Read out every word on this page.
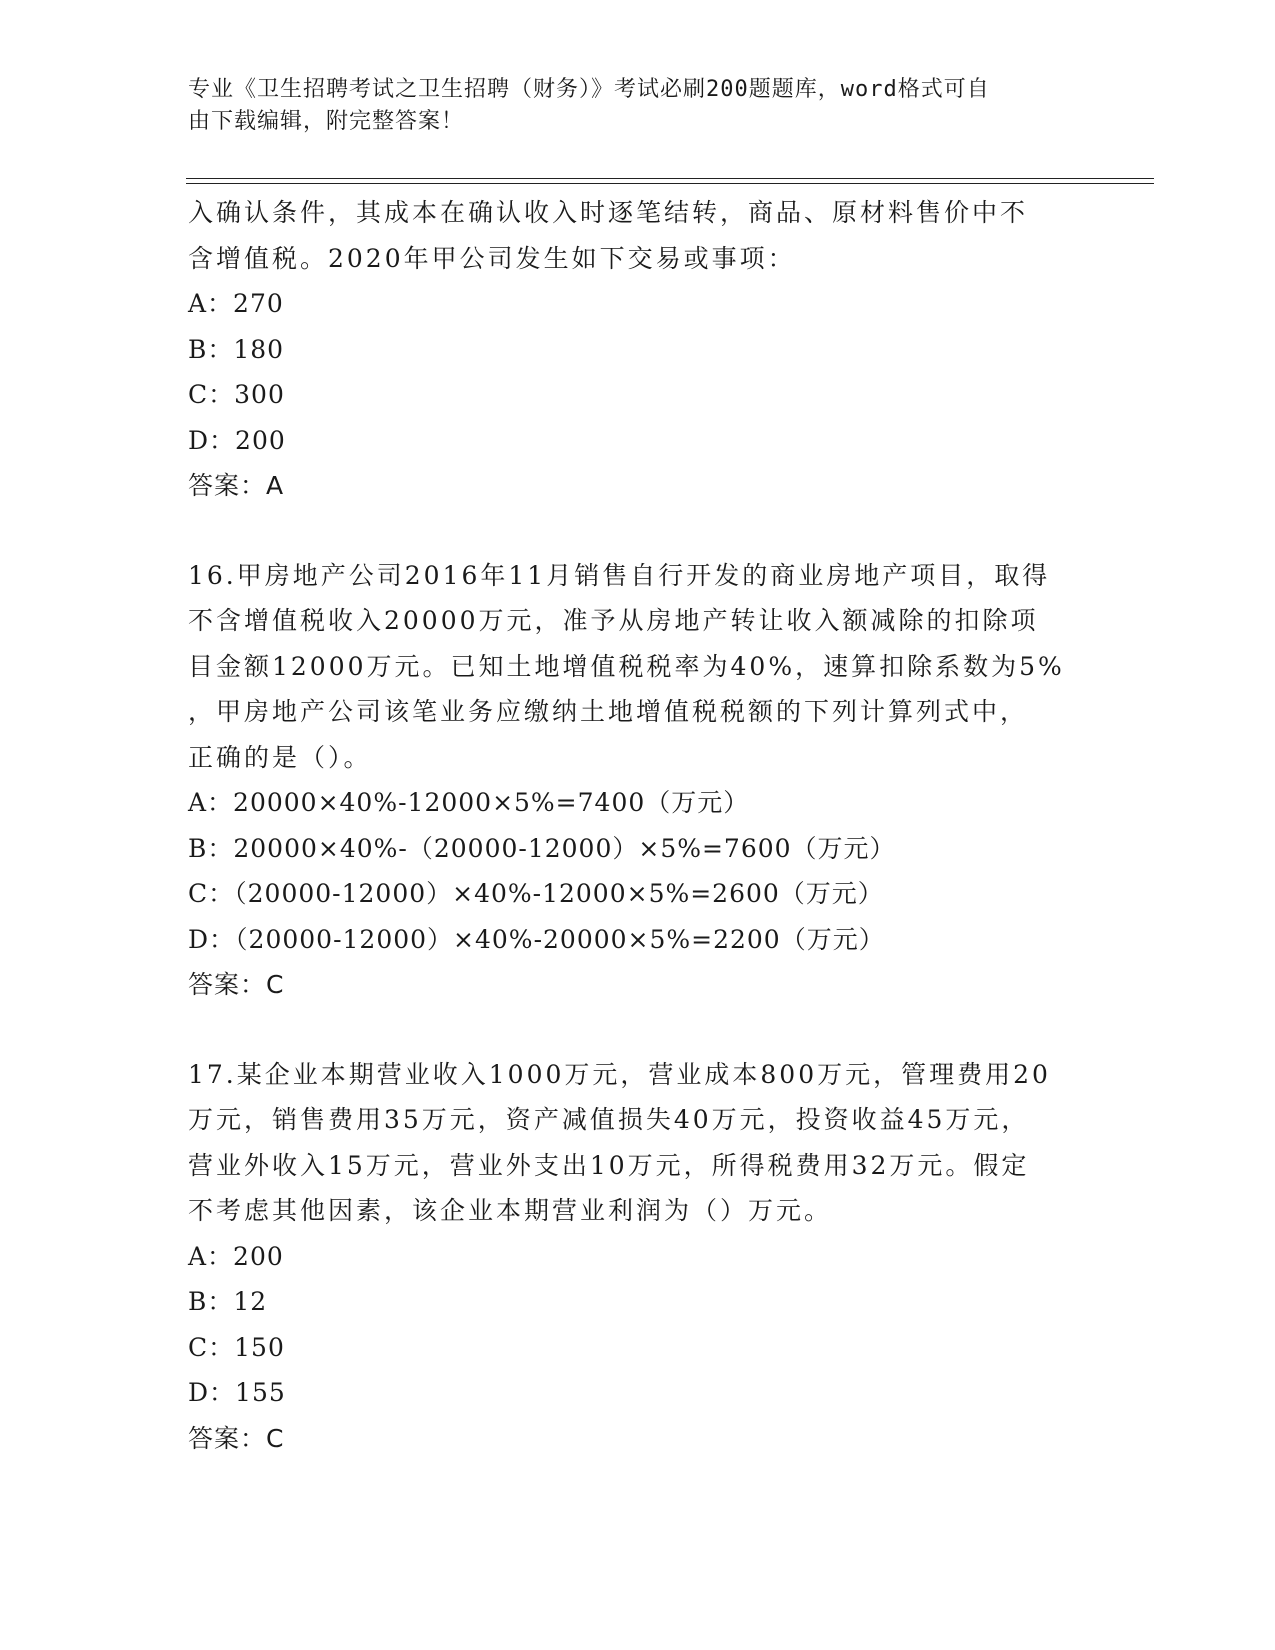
专业《卫生招聘考试之卫生招聘（财务）》考试必刷200题题库，word格式可自
由下载编辑，附完整答案！

入确认条件，其成本在确认收入时逐笔结转，商品、原材料售价中不

含增值税。2020年甲公司发生如下交易或事项：

A：270

B：180

C：300

D：200

答案：A

16.甲房地产公司2016年11月销售自行开发的商业房地产项目，取得

不含增值税收入20000万元，准予从房地产转让收入额减除的扣除项

目金额12000万元。已知土地增值税税率为40%，速算扣除系数为5%

，甲房地产公司该笔业务应缴纳土地增值税税额的下列计算列式中，

正确的是（）。

A：20000×40%-12000×5%=7400（万元）

B：20000×40%-（20000-12000）×5%=7600（万元）

C：（20000-12000）×40%-12000×5%=2600（万元）

D：（20000-12000）×40%-20000×5%=2200（万元）

答案：C

17.某企业本期营业收入1000万元，营业成本800万元，管理费用20

万元，销售费用35万元，资产减值损失40万元，投资收益45万元，

营业外收入15万元，营业外支出10万元，所得税费用32万元。假定

不考虑其他因素，该企业本期营业利润为（）万元。

A：200

B：12

C：150

D：155

答案：C
